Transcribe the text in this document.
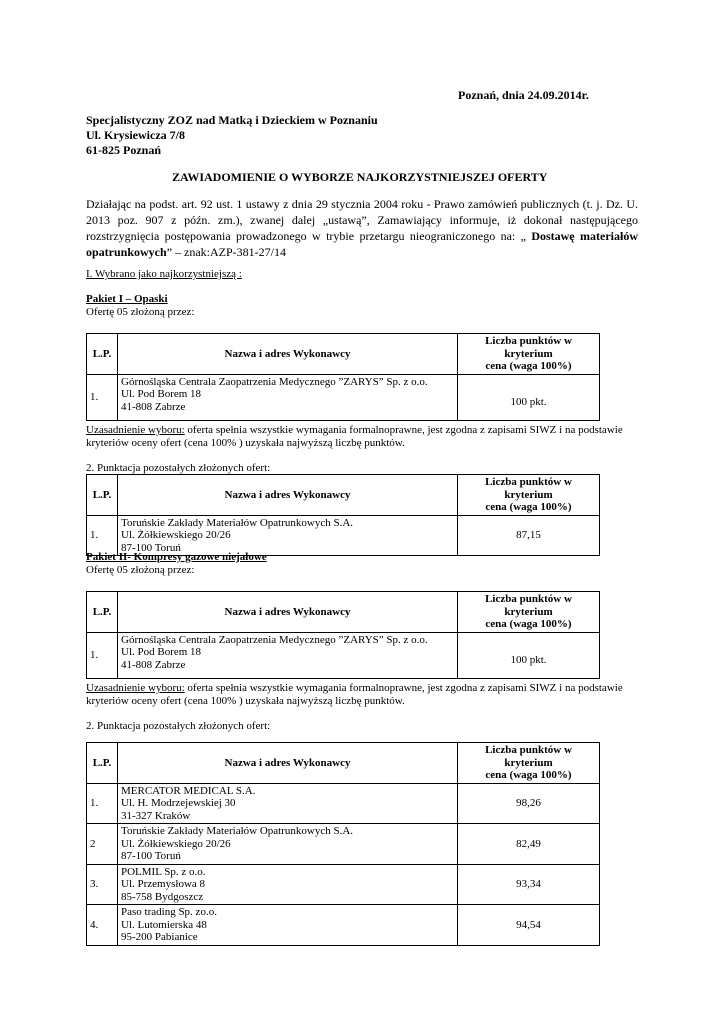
Poznań, dnia 24.09.2014r.
Specjalistyczny ZOZ nad Matką i Dzieckiem w Poznaniu
Ul. Krysiewicza 7/8
61-825 Poznań
ZAWIADOMIENIE O WYBORZE NAJKORZYSTNIEJSZEJ OFERTY
Działając na podst. art. 92 ust. 1 ustawy z dnia 29 stycznia 2004 roku - Prawo zamówień publicznych (t. j. Dz. U. 2013 poz. 907 z późn. zm.), zwanej dalej „ustawą”, Zamawiający informuje, iż dokonał następującego rozstrzygnięcia postępowania prowadzonego w trybie przetargu nieograniczonego na: „ Dostawę materiałów opatrunkowych” – znak:AZP-381-27/14
I. Wybrano jako najkorzystniejszą :
Pakiet I – Opaski
Ofertę 05 złożoną przez:
L.P.	Nazwa i adres Wykonawcy	Liczba punktów w kryterium
cena (waga 100%)

1.	Górnośląska Centrala Zaopatrzenia Medycznego ”ZARYS” Sp. z o.o.
Ul. Pod Borem 18
41-808 Zabrze	100 pkt.
Uzasadnienie wyboru: oferta spełnia wszystkie wymagania formalnoprawne, jest zgodna z zapisami SIWZ i na podstawie
kryteriów oceny ofert (cena 100% ) uzyskała najwyższą liczbę punktów.
2. Punktacja pozostałych złożonych ofert:
L.P.	Nazwa i adres Wykonawcy	Liczba punktów w kryterium
cena (waga 100%)

1.	Toruńskie Zakłady Materiałów Opatrunkowych S.A.
Ul. Żółkiewskiego 20/26
87-100 Toruń	87,15
Pakiet II- Kompresy gazowe niejałowe
Ofertę 05 złożoną przez:
L.P.	Nazwa i adres Wykonawcy	Liczba punktów w kryterium
cena (waga 100%)

1.	Górnośląska Centrala Zaopatrzenia Medycznego ”ZARYS” Sp. z o.o.
Ul. Pod Borem 18
41-808 Zabrze	100 pkt.
Uzasadnienie wyboru: oferta spełnia wszystkie wymagania formalnoprawne, jest zgodna z zapisami SIWZ i na podstawie
kryteriów oceny ofert (cena 100% ) uzyskała najwyższą liczbę punktów.
2. Punktacja pozostałych złożonych ofert:
L.P.	Nazwa i adres Wykonawcy	Liczba punktów w kryterium
cena (waga 100%)

1.	MERCATOR MEDICAL S.A.
Ul. H. Modrzejewskiej 30
31-327 Kraków	98,26
2	Toruńskie Zakłady Materiałów Opatrunkowych S.A.
Ul. Żółkiewskiego 20/26
87-100 Toruń	82,49
3.	POLMIL Sp. z o.o.
Ul. Przemysłowa 8
85-758 Bydgoszcz	93,34
4.	Paso trading Sp. zo.o.
Ul. Lutomierska 48
95-200 Pabianice	94,54
